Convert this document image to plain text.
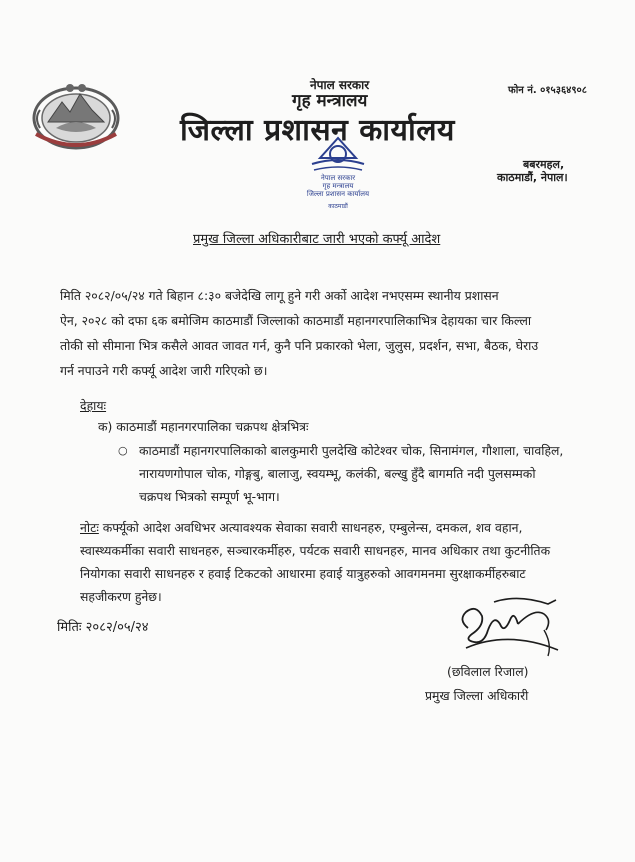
नेपाल सरकार
गृह मन्त्रालय
जिल्ला प्रशासन कार्यालय
फोन नं. ०१५३६४९०८
बबरमहल,
काठमाडौं, नेपाल।
नेपाल सरकार
गृह मन्त्रालय
जिल्ला प्रशासन कार्यालय
काठमाडौं
प्रमुख जिल्ला अधिकारीबाट जारी भएको कर्फ्यू आदेश
मिति २०८२/०५/२४ गते बिहान ८:३० बजेदेखि लागू हुने गरी अर्को आदेश नभएसम्म स्थानीय प्रशासन
ऐन, २०२८ को दफा ६क बमोजिम काठमाडौं जिल्लाको काठमाडौं महानगरपालिकाभित्र देहायका चार किल्ला
तोकी सो सीमाना भित्र कसैले आवत जावत गर्न, कुनै पनि प्रकारको भेला, जुलुस, प्रदर्शन, सभा, बैठक, घेराउ
गर्न नपाउने गरी कर्फ्यू आदेश जारी गरिएको छ।
देहायः
क) काठमाडौं महानगरपालिका चक्रपथ क्षेत्रभित्रः
○ काठमाडौं महानगरपालिकाको बालकुमारी पुलदेखि कोटेश्वर चोक, सिनामंगल, गौशाला, चावहिल,
नारायणगोपाल चोक, गोङ्गबु, बालाजु, स्वयम्भू, कलंकी, बल्खु हुँदै बागमति नदी पुलसम्मको
चक्रपथ भित्रको सम्पूर्ण भू-भाग।
नोटः कर्फ्यूको आदेश अवधिभर अत्यावश्यक सेवाका सवारी साधनहरु, एम्बुलेन्स, दमकल, शव वहान,
स्वास्थ्यकर्मीका सवारी साधनहरु, सञ्चारकर्मीहरु, पर्यटक सवारी साधनहरु, मानव अधिकार तथा कुटनीतिक
नियोगका सवारी साधनहरु र हवाई टिकटको आधारमा हवाई यात्रुहरुको आवगमनमा सुरक्षाकर्मीहरुबाट
सहजीकरण हुनेछ।
मितिः २०८२/०५/२४
(छविलाल रिजाल)
प्रमुख जिल्ला अधिकारी
